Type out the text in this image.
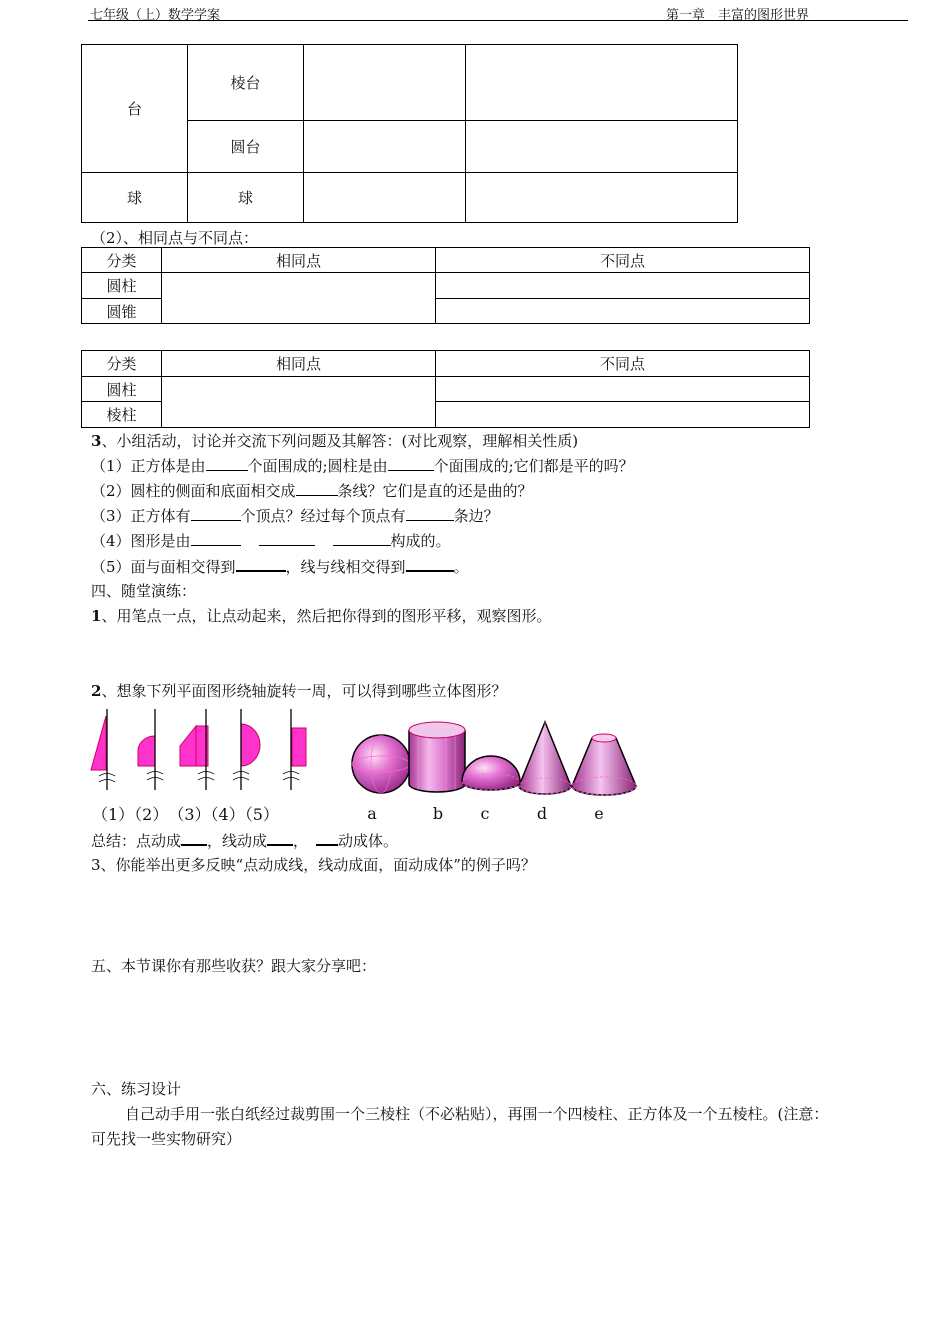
七年级（上）数学学案	第一章　丰富的图形世界
台	棱台		
	圆台		
球	球		
（2）、相同点与不同点：
分类	相同点	不同点
圆柱		
圆锥		
分类	相同点	不同点
圆柱		
棱柱		
3、小组活动，讨论并交流下列问题及其解答：(对比观察，理解相关性质)
（1）正方体是由	个面围成的;圆柱是由	个面围成的;它们都是平的吗？
（2）圆柱的侧面和底面相交成	条线？它们是直的还是曲的？
（3）正方体有	个顶点？经过每个顶点有	条边？
（4）图形是由	构成的。
（5）面与面相交得到	，线与线相交得到	。
四、随堂演练：
1、用笔点一点，让点动起来，然后把你得到的图形平移，观察图形。
2、想象下列平面图形绕轴旋转一周，可以得到哪些立体图形？
（1）（2）　（3）（4）（5）	a	b c	d	e
总结：点动成 ，线动成 ， 动成体。
3、你能举出更多反映“点动成线，线动成面，面动成体”的例子吗？
五、本节课你有那些收获？跟大家分享吧：
六、练习设计
自己动手用一张白纸经过裁剪围一个三棱柱（不必粘贴），再围一个四棱柱、正方体及一个五棱柱。(注意：
可先找一些实物研究）
